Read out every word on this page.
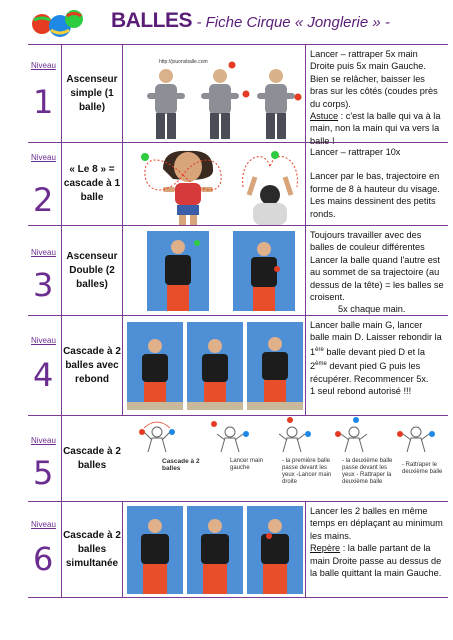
BALLES - Fiche Cirque « Jonglerie » -
Niveau
1
Ascenseur simple (1 balle)
http://jouonsballe.com

Lancer – rattraper 5x main Droite puis 5x main Gauche.

Bien se relâcher, baisser les bras sur les côtés (coudes près du corps).

Astuce : c'est la balle qui va à la main, non la main qui va vers la balle !

Niveau
2
« Le 8 » = cascade à 1 balle

Lancer – rattraper 10x

Lancer par le bas, trajectoire en forme de 8 à hauteur du visage. Les mains dessinent des petits ronds.

Niveau
3
Ascenseur Double (2 balles)

Toujours travailler avec des balles de couleur différentes Lancer la balle quand l'autre est au sommet de sa trajectoire (au dessus de la tête) = les balles se croisent.

5x chaque main.

Niveau
4
Cascade à 2 balles avec rebond

Lancer balle main G, lancer balle main D. Laisser rebondir la 1ère balle devant pied D et la 2ème devant pied G puis les récupérer. Recommencer 5x.

1 seul rebond autorisé !!!

Niveau
5
Cascade à 2 balles	Cascade à 2 balles
Lancer main gauche
- la première balle passe devant les yeux -Lancer main droite
- la deuxième balle passe devant les yeux - Rattraper la deuxième balle
- Rattraper le deuxième balle
Niveau
6
Cascade à 2 balles simultanée

Lancer les 2 balles en même temps en déplaçant au minimum les mains.

Repère : la balle partant de la main Droite passe au dessus de la balle quittant la main Gauche.
